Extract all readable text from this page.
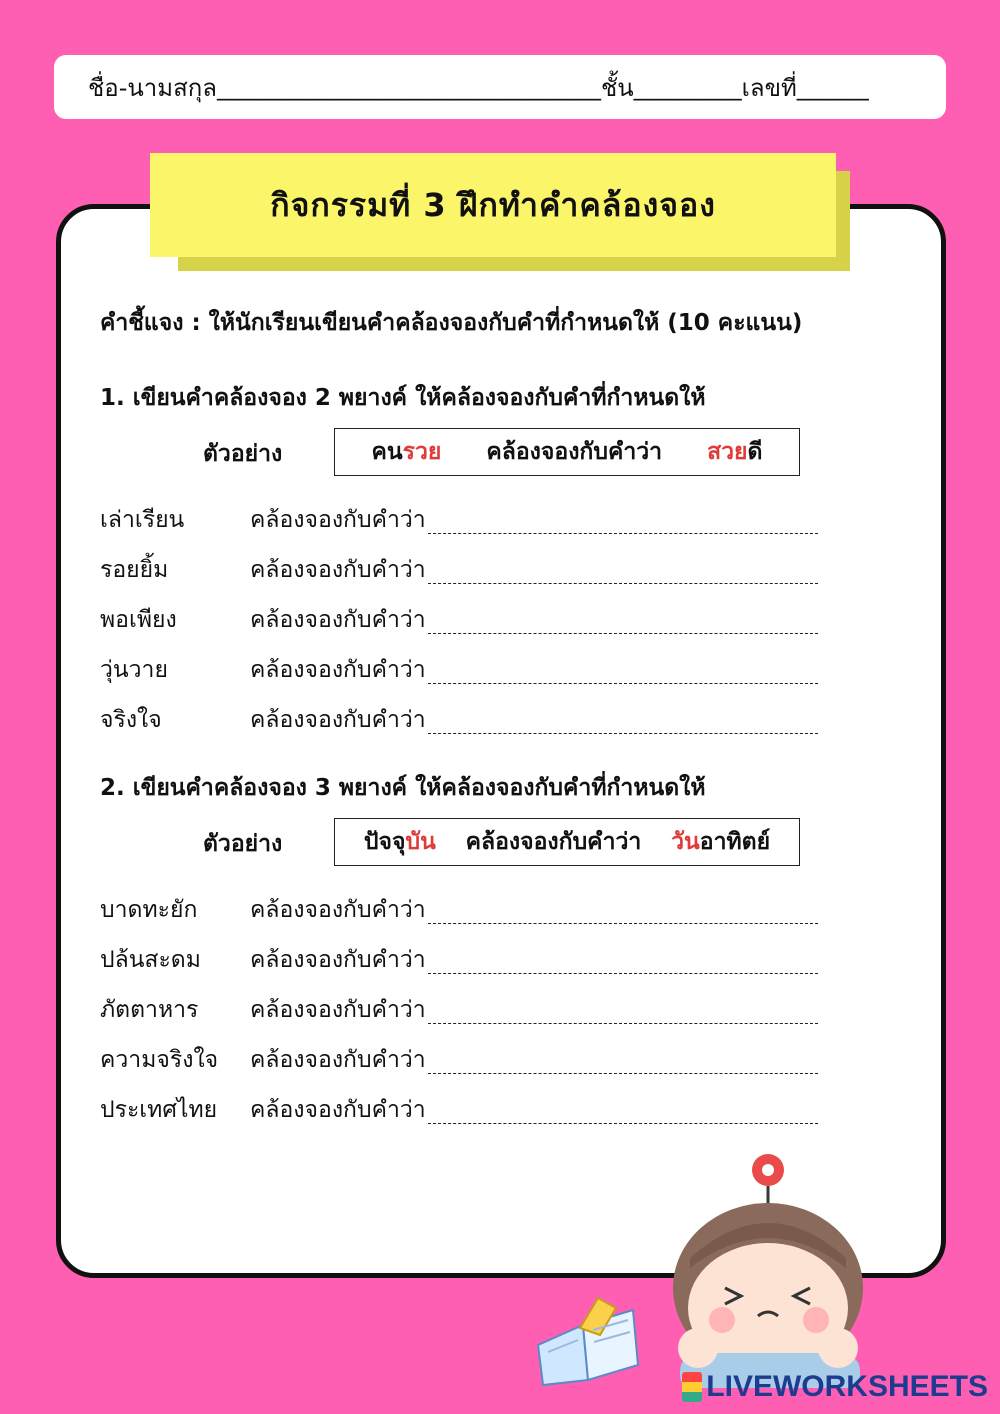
ชื่อ-นามสกุล ________________________________ ชั้น _________ เลขที่ ______
กิจกรรมที่ 3 ฝึกทำคำคล้องจอง
คำชี้แจง : ให้นักเรียนเขียนคำคล้องจองกับคำที่กำหนดให้ (10 คะแนน)
1. เขียนคำคล้องจอง 2 พยางค์ ให้คล้องจองกับคำที่กำหนดให้
ตัวอย่าง	คนรวย คล้องจองกับคำว่า สวยดี
เล่าเรียน	คล้องจองกับคำว่า
รอยยิ้ม	คล้องจองกับคำว่า
พอเพียง	คล้องจองกับคำว่า
วุ่นวาย	คล้องจองกับคำว่า
จริงใจ	คล้องจองกับคำว่า
2. เขียนคำคล้องจอง 3 พยางค์ ให้คล้องจองกับคำที่กำหนดให้
ตัวอย่าง	ปัจจุบัน คล้องจองกับคำว่า วันอาทิตย์
บาดทะยัก	คล้องจองกับคำว่า
ปล้นสะดม	คล้องจองกับคำว่า
ภัตตาหาร	คล้องจองกับคำว่า
ความจริงใจ	คล้องจองกับคำว่า
ประเทศไทย	คล้องจองกับคำว่า
LIVEWORKSHEETS
